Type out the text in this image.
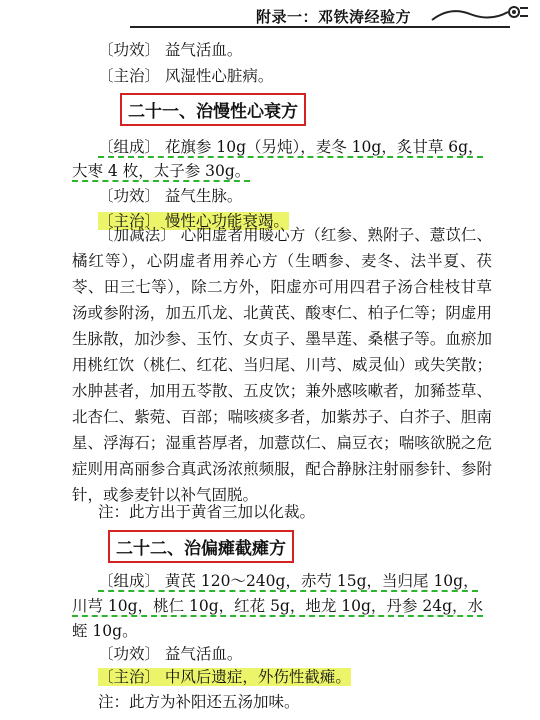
附录一：邓铁涛经验方
〔功效〕 益气活血。
〔主治〕 风湿性心脏病。
二十一、治慢性心衰方
〔组成〕 花旗参 10g（另炖），麦冬 10g，炙甘草 6g，
大枣 4 枚，太子参 30g。
〔功效〕 益气生脉。
〔主治〕 慢性心功能衰竭。
〔加减法〕 心阳虚者用暖心方（红参、熟附子、薏苡仁、橘红等），心阴虚者用养心方（生晒参、麦冬、法半夏、茯苓、田三七等），除二方外，阳虚亦可用四君子汤合桂枝甘草汤或参附汤，加五爪龙、北黄芪、酸枣仁、柏子仁等；阴虚用生脉散，加沙参、玉竹、女贞子、墨旱莲、桑椹子等。血瘀加用桃红饮（桃仁、红花、当归尾、川芎、威灵仙）或失笑散；水肿甚者，加用五苓散、五皮饮；兼外感咳嗽者，加豨莶草、北杏仁、紫菀、百部；喘咳痰多者，加紫苏子、白芥子、胆南星、浮海石；湿重苔厚者，加薏苡仁、扁豆衣；喘咳欲脱之危症则用高丽参合真武汤浓煎频服，配合静脉注射丽参针、参附针，或参麦针以补气固脱。
注：此方出于黄省三加以化裁。
二十二、治偏瘫截瘫方
〔组成〕 黄芪 120～240g，赤芍 15g，当归尾 10g，
川芎 10g，桃仁 10g，红花 5g，地龙 10g，丹参 24g，水
蛭 10g。
〔功效〕 益气活血。
〔主治〕 中风后遗症，外伤性截瘫。
注：此方为补阳还五汤加味。
